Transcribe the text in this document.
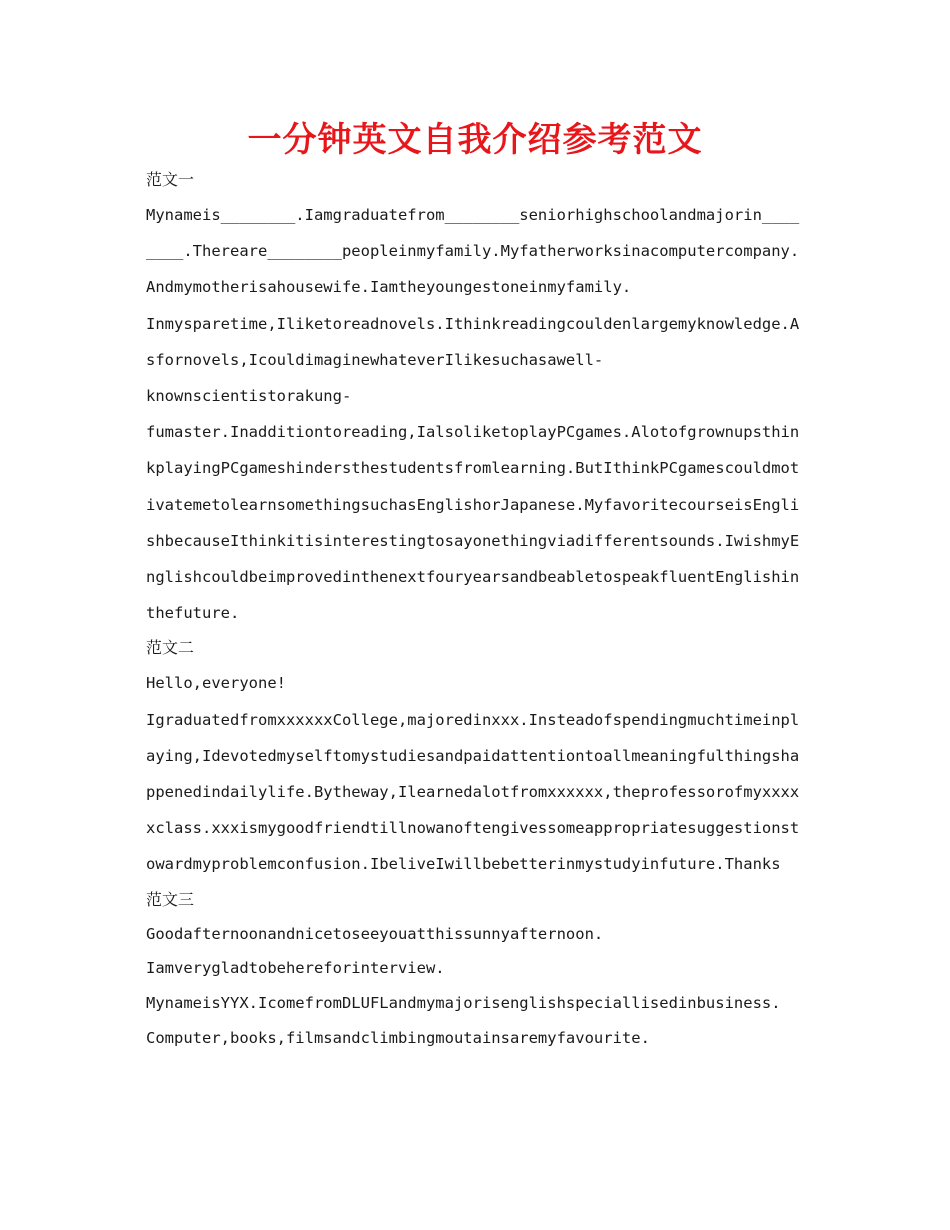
一分钟英文自我介绍参考范文
范文一
Mynameis________.Iamgraduatefrom________seniorhighschoolandmajorin____
____.Thereare________peopleinmyfamily.Myfatherworksinacomputercompany.
Andmymotherisahousewife.Iamtheyoungestoneinmyfamily.
Inmysparetime,Iliketoreadnovels.Ithinkreadingcouldenlargemyknowledge.A
sfornovels,IcouldimaginewhateverIlikesuchasawell-
knownscientistorakung-
fumaster.Inadditiontoreading,IalsoliketoplayPCgames.Alotofgrownupsthin
kplayingPCgameshindersthestudentsfromlearning.ButIthinkPCgamescouldmot
ivatemetolearnsomethingsuchasEnglishorJapanese.MyfavoritecourseisEngli
shbecauseIthinkitisinterestingtosayonethingviadifferentsounds.IwishmyE
nglishcouldbeimprovedinthenextfouryearsandbeabletospeakfluentEnglishin
thefuture.
范文二
Hello,everyone!
IgraduatedfromxxxxxxCollege,majoredinxxx.Insteadofspendingmuchtimeinpl
aying,Idevotedmyselftomystudiesandpaidattentiontoallmeaningfulthingsha
ppenedindailylife.Bytheway,Ilearnedalotfromxxxxxx,theprofessorofmyxxxx
xclass.xxxismygoodfriendtillnowanoftengivessomeappropriatesuggestionst
owardmyproblemconfusion.IbeliveIwillbebetterinmystudyinfuture.Thanks
范文三
Goodafternoonandnicetoseeyouatthissunnyafternoon.
Iamverygladtobehereforinterview.
MynameisYYX.IcomefromDLUFLandmymajorisenglishspeciallisedinbusiness.
Computer,books,filmsandclimbingmoutainsaremyfavourite.
